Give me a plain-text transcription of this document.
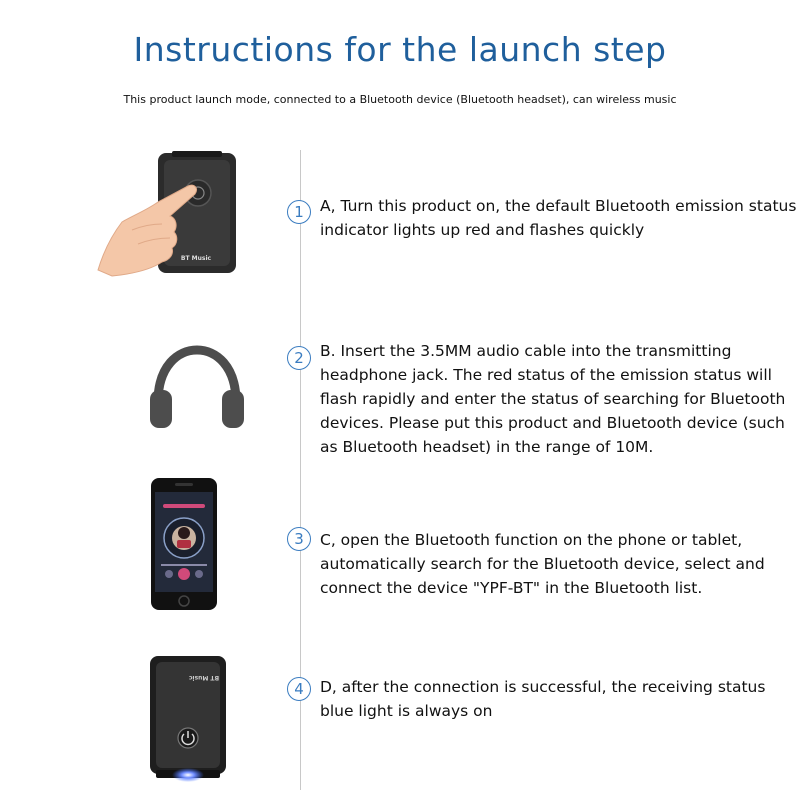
Instructions for the launch step
This product launch mode, connected to a Bluetooth device (Bluetooth headset), can wireless music
BT Music
1	A, Turn this product on, the default Bluetooth emission status indicator lights up red and flashes quickly
2	B. Insert the 3.5MM audio cable into the transmitting headphone jack. The red status of the emission status will flash rapidly and enter the status of searching for Bluetooth devices. Please put this product and Bluetooth device (such as Bluetooth headset) in the range of 10M.
3	C, open the Bluetooth function on the phone or tablet, automatically search for the Bluetooth device, select and connect the device "YPF-BT" in the Bluetooth list.
BT Music
4	D, after the connection is successful, the receiving status blue light is always on
